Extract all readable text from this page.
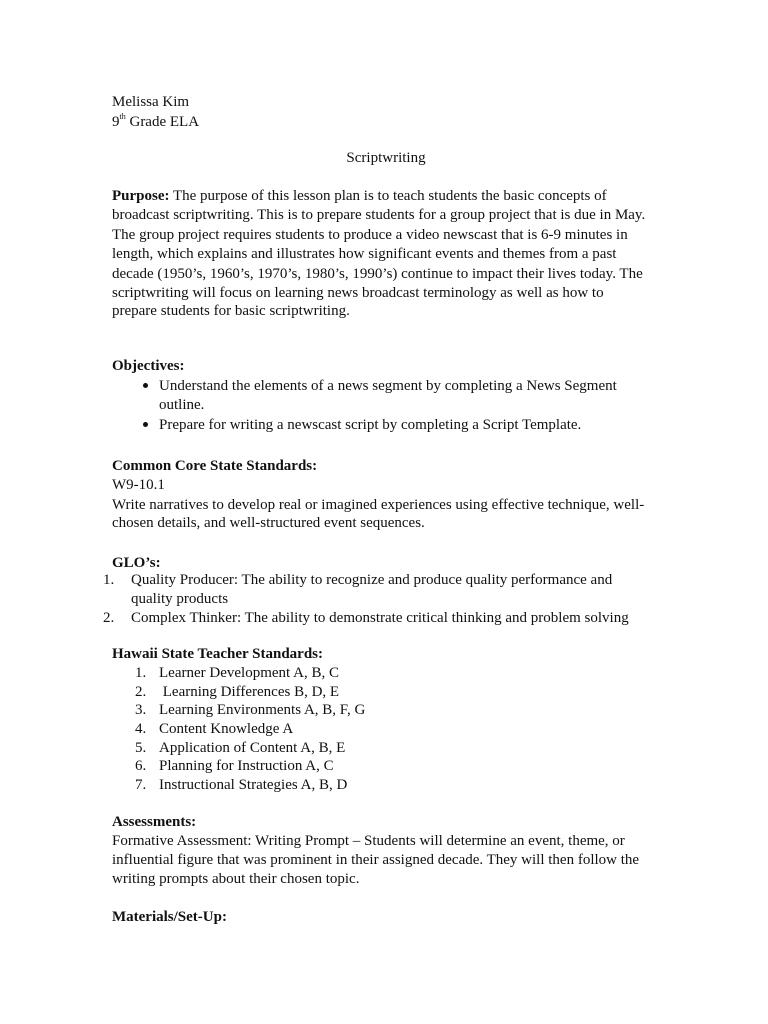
Melissa Kim
9th Grade ELA
Scriptwriting
Purpose: The purpose of this lesson plan is to teach students the basic concepts of
broadcast scriptwriting. This is to prepare students for a group project that is due in May.
The group project requires students to produce a video newscast that is 6-9 minutes in
length, which explains and illustrates how significant events and themes from a past
decade (1950’s, 1960’s, 1970’s, 1980’s, 1990’s) continue to impact their lives today. The
scriptwriting will focus on learning news broadcast terminology as well as how to
prepare students for basic scriptwriting.
Objectives:
Understand the elements of a news segment by completing a News Segment
outline.
Prepare for writing a newscast script by completing a Script Template.
Common Core State Standards:
W9-10.1
Write narratives to develop real or imagined experiences using effective technique, well-
chosen details, and well-structured event sequences.
GLO’s:
1. Quality Producer: The ability to recognize and produce quality performance and
quality products
2. Complex Thinker: The ability to demonstrate critical thinking and problem solving
Hawaii State Teacher Standards:
1. Learner Development A, B, C
2. Learning Differences B, D, E
3. Learning Environments A, B, F, G
4. Content Knowledge A
5. Application of Content A, B, E
6. Planning for Instruction A, C
7. Instructional Strategies A, B, D
Assessments:
Formative Assessment: Writing Prompt – Students will determine an event, theme, or
influential figure that was prominent in their assigned decade. They will then follow the
writing prompts about their chosen topic.
Materials/Set-Up:
